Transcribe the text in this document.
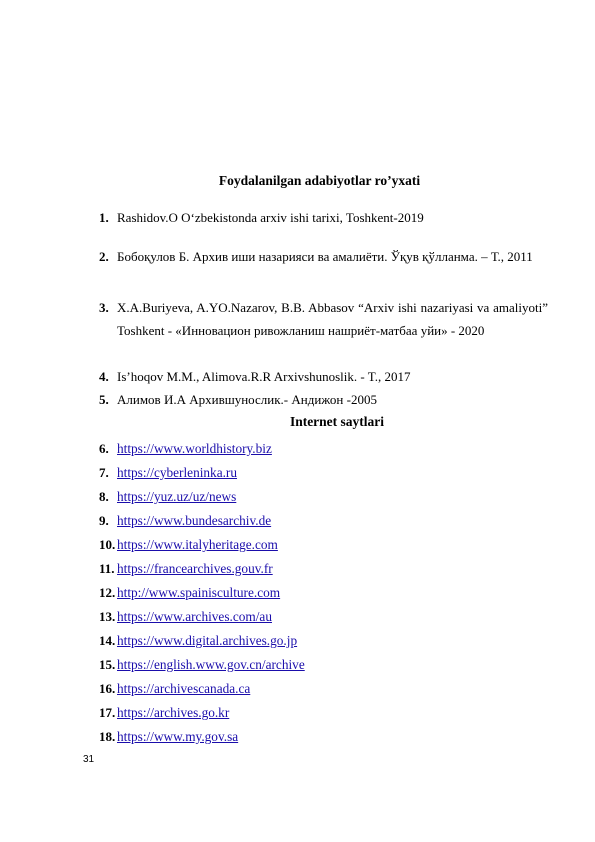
Foydalanilgan adabiyotlar ro’yxati
1. Rashidov.O O‘zbekistonda arxiv ishi tarixi, Toshkent-2019
2. Бобоқулов Б. Архив иши назарияси ва амалиёти. Ўқув қўлланма. – Т., 2011
3. X.A.Buriyeva, A.YO.Nazarov, B.B. Abbasov “Arxiv ishi nazariyasi va amaliyoti” Toshkent - «Инновацион ривожланиш нашриёт-матбаа уйи» - 2020
4. Is’hoqov M.M., Alimova.R.R Arxivshunoslik. - T., 2017
5. Алимов И.А Архившунослик.- Андижон -2005
Internet saytlari
6. https://www.worldhistory.biz
7. https://cyberleninka.ru
8. https://yuz.uz/uz/news
9. https://www.bundesarchiv.de
10. https://www.italyheritage.com
11. https://francearchives.gouv.fr
12. http://www.spainisculture.com
13. https://www.archives.com/au
14. https://www.digital.archives.go.jp
15. https://english.www.gov.cn/archive
16. https://archivescanada.ca
17. https://archives.go.kr
18. https://www.my.gov.sa
31
